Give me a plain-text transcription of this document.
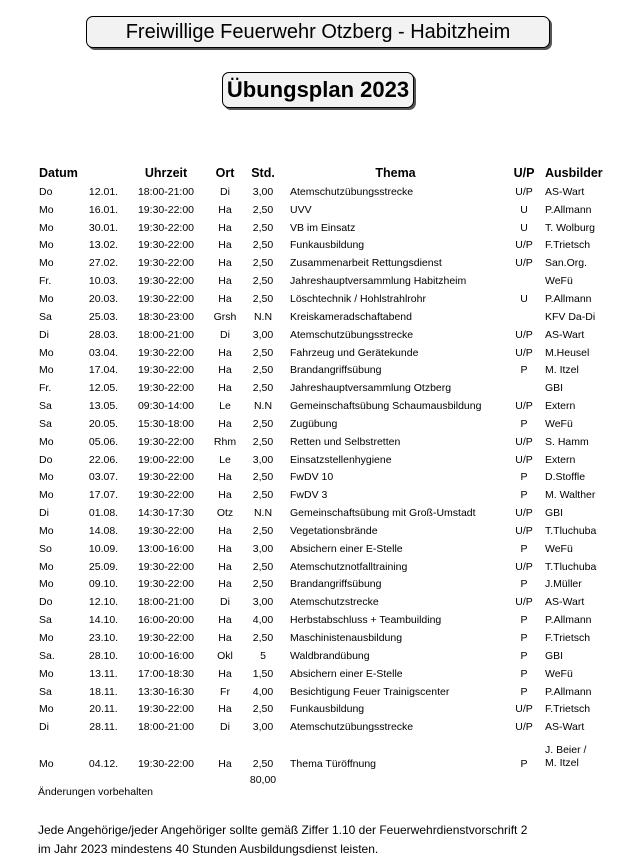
Freiwillige Feuerwehr Otzberg - Habitzheim
Übungsplan 2023
Datum		Uhrzeit	Ort	Std.	Thema	U/P	Ausbilder
Do	12.01.	18:00-21:00	Di	3,00	Atemschutzübungsstrecke	U/P	AS-Wart
Mo	16.01.	19:30-22:00	Ha	2,50	UVV	U	P.Allmann
Mo	30.01.	19:30-22:00	Ha	2,50	VB im Einsatz	U	T. Wolburg
Mo	13.02.	19:30-22:00	Ha	2,50	Funkausbildung	U/P	F.Trietsch
Mo	27.02.	19:30-22:00	Ha	2,50	Zusammenarbeit Rettungsdienst	U/P	San.Org.
Fr.	10.03.	19:30-22:00	Ha	2,50	Jahreshauptversammlung Habitzheim		WeFü
Mo	20.03.	19:30-22:00	Ha	2,50	Löschtechnik / Hohlstrahlrohr	U	P.Allmann
Sa	25.03.	18:30-23:00	Grsh	N.N	Kreiskameradschaftabend		KFV Da-Di
Di	28.03.	18:00-21:00	Di	3,00	Atemschutzübungsstrecke	U/P	AS-Wart
Mo	03.04.	19:30-22:00	Ha	2,50	Fahrzeug und Gerätekunde	U/P	M.Heusel
Mo	17.04.	19:30-22:00	Ha	2,50	Brandangriffsübung	P	M. Itzel
Fr.	12.05.	19:30-22:00	Ha	2,50	Jahreshauptversammlung Otzberg		GBI
Sa	13.05.	09:30-14:00	Le	N.N	Gemeinschaftsübung Schaumausbildung	U/P	Extern
Sa	20.05.	15:30-18:00	Ha	2,50	Zugübung	P	WeFü
Mo	05.06.	19:30-22:00	Rhm	2,50	Retten und Selbstretten	U/P	S. Hamm
Do	22.06.	19:00-22:00	Le	3,00	Einsatzstellenhygiene	U/P	Extern
Mo	03.07.	19:30-22:00	Ha	2,50	FwDV 10	P	D.Stoffle
Mo	17.07.	19:30-22:00	Ha	2,50	FwDV 3	P	M. Walther
Di	01.08.	14:30-17:30	Otz	N.N	Gemeinschaftsübung mit Groß-Umstadt	U/P	GBI
Mo	14.08.	19:30-22:00	Ha	2,50	Vegetationsbrände	U/P	T.Tluchuba
So	10.09.	13:00-16:00	Ha	3,00	Absichern einer E-Stelle	P	WeFü
Mo	25.09.	19:30-22:00	Ha	2,50	Atemschutznotfalltraining	U/P	T.Tluchuba
Mo	09.10.	19:30-22:00	Ha	2,50	Brandangriffsübung	P	J.Müller
Do	12.10.	18:00-21:00	Di	3,00	Atemschutzstrecke	U/P	AS-Wart
Sa	14.10.	16:00-20:00	Ha	4,00	Herbstabschluss + Teambuilding	P	P.Allmann
Mo	23.10.	19:30-22:00	Ha	2,50	Maschinistenausbildung	P	F.Trietsch
Sa.	28.10.	10:00-16:00	Okl	5	Waldbrandübung	P	GBI
Mo	13.11.	17:00-18:30	Ha	1,50	Absichern einer E-Stelle	P	WeFü
Sa	18.11.	13:30-16:30	Fr	4,00	Besichtigung Feuer Trainigscenter	P	P.Allmann
Mo	20.11.	19:30-22:00	Ha	2,50	Funkausbildung	U/P	F.Trietsch
Di	28.11.	18:00-21:00	Di	3,00	Atemschutzübungsstrecke	U/P	AS-Wart
Mo	04.12.	19:30-22:00	Ha	2,50	Thema Türöffnung	P	J. Beier /
M. Itzel

				80,00			
Änderungen vorbehalten
Jede Angehörige/jeder Angehöriger sollte gemäß Ziffer 1.10 der Feuerwehrdienstvorschrift 2
im Jahr 2023 mindestens 40 Stunden Ausbildungsdienst leisten.
